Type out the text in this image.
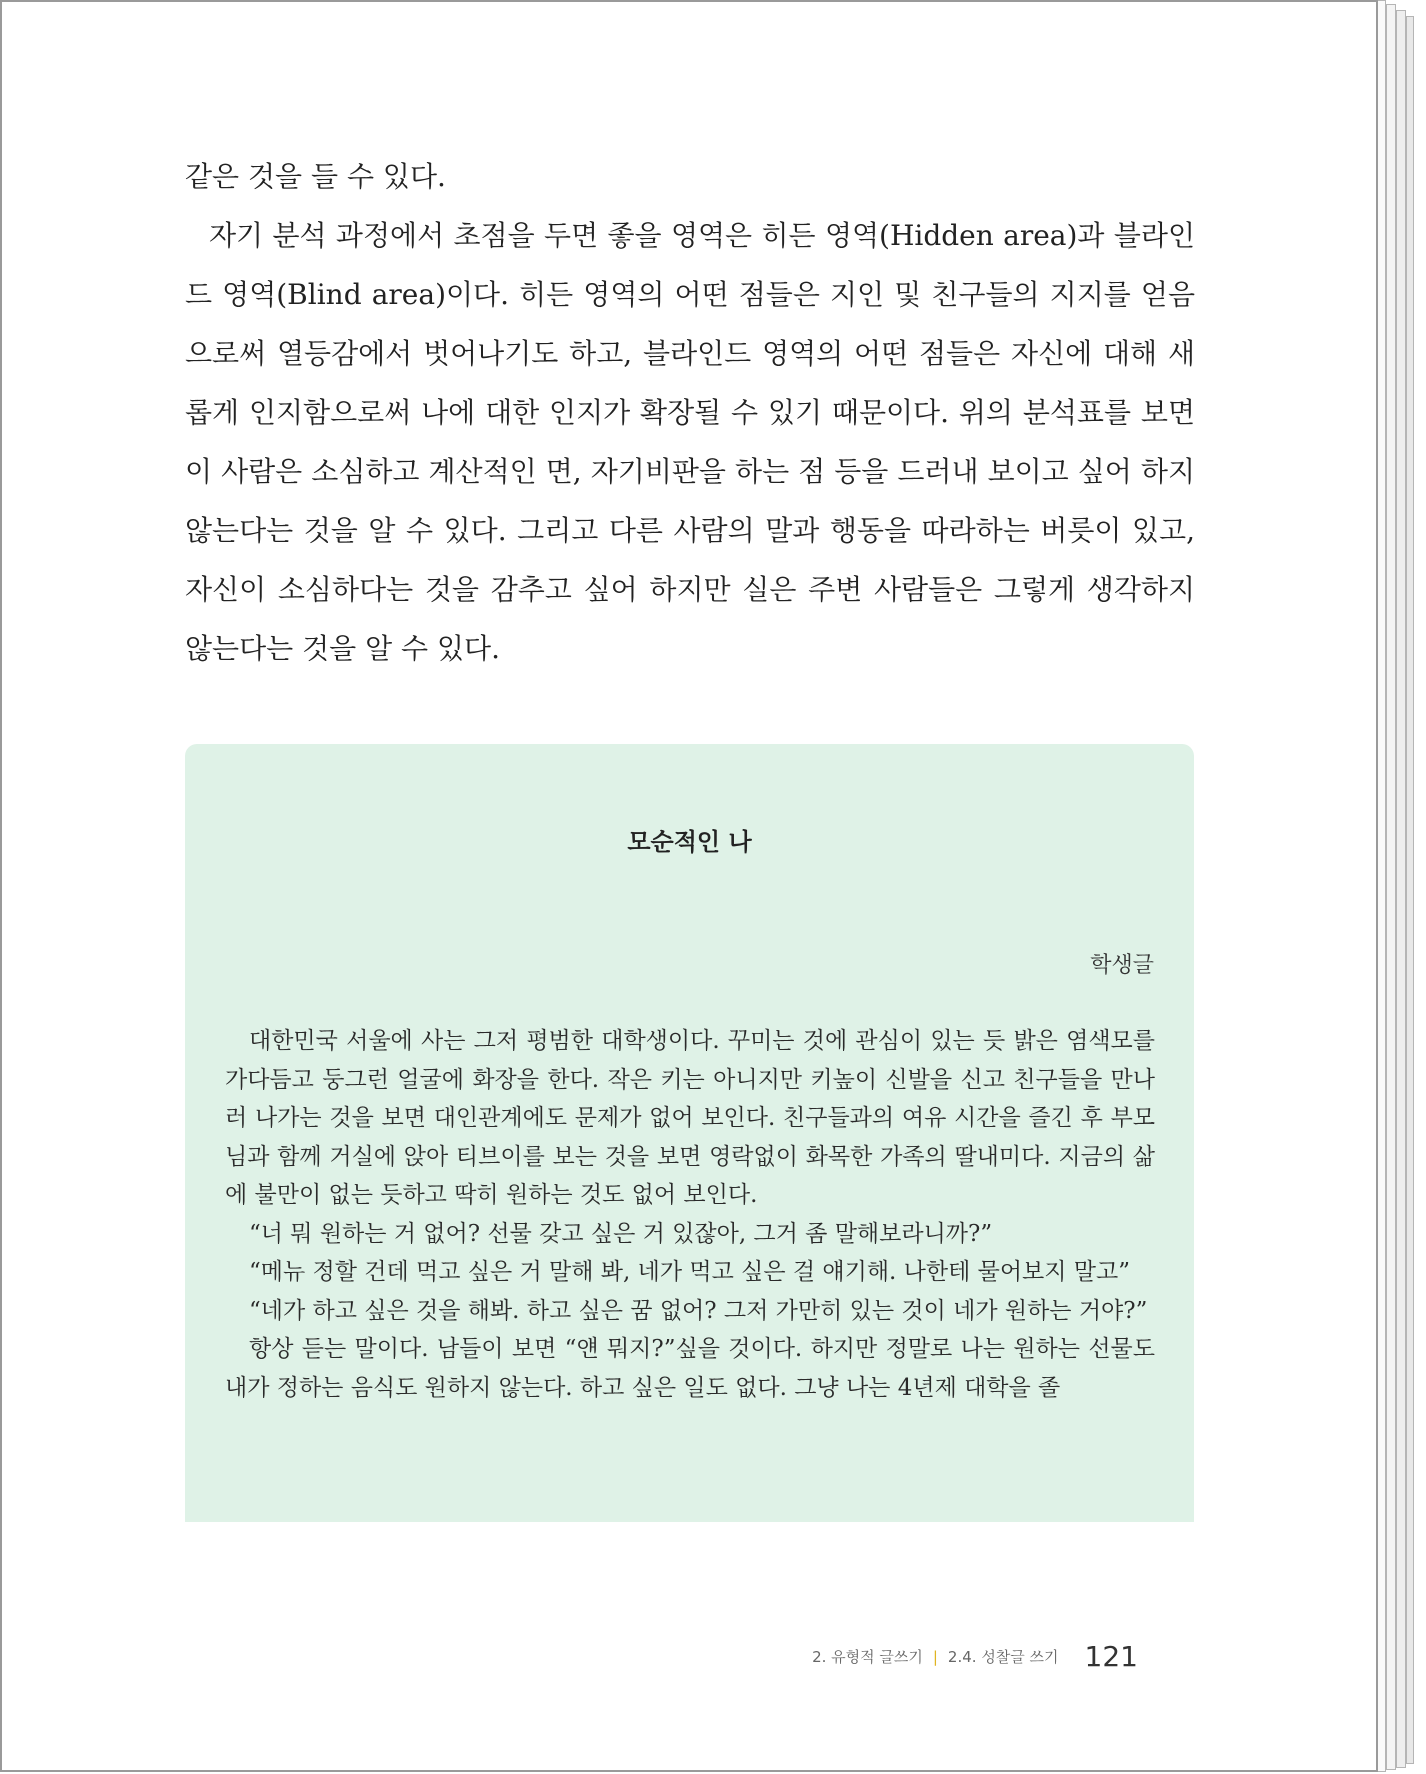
같은 것을 들 수 있다.

자기 분석 과정에서 초점을 두면 좋을 영역은 히든 영역(Hidden area)과 블라인드 영역(Blind area)이다. 히든 영역의 어떤 점들은 지인 및 친구들의 지지를 얻음으로써 열등감에서 벗어나기도 하고, 블라인드 영역의 어떤 점들은 자신에 대해 새롭게 인지함으로써 나에 대한 인지가 확장될 수 있기 때문이다. 위의 분석표를 보면 이 사람은 소심하고 계산적인 면, 자기비판을 하는 점 등을 드러내 보이고 싶어 하지 않는다는 것을 알 수 있다. 그리고 다른 사람의 말과 행동을 따라하는 버릇이 있고, 자신이 소심하다는 것을 감추고 싶어 하지만 실은 주변 사람들은 그렇게 생각하지 않는다는 것을 알 수 있다.

모순적인 나

학생글

대한민국 서울에 사는 그저 평범한 대학생이다. 꾸미는 것에 관심이 있는 듯 밝은 염색모를 가다듬고 둥그런 얼굴에 화장을 한다. 작은 키는 아니지만 키높이 신발을 신고 친구들을 만나러 나가는 것을 보면 대인관계에도 문제가 없어 보인다. 친구들과의 여유 시간을 즐긴 후 부모님과 함께 거실에 앉아 티브이를 보는 것을 보면 영락없이 화목한 가족의 딸내미다. 지금의 삶에 불만이 없는 듯하고 딱히 원하는 것도 없어 보인다.

“너 뭐 원하는 거 없어? 선물 갖고 싶은 거 있잖아, 그거 좀 말해보라니까?”

“메뉴 정할 건데 먹고 싶은 거 말해 봐, 네가 먹고 싶은 걸 얘기해. 나한테 물어보지 말고”

“네가 하고 싶은 것을 해봐. 하고 싶은 꿈 없어? 그저 가만히 있는 것이 네가 원하는 거야?”

항상 듣는 말이다. 남들이 보면 “얜 뭐지?”싶을 것이다. 하지만 정말로 나는 원하는 선물도 내가 정하는 음식도 원하지 않는다. 하고 싶은 일도 없다. 그냥 나는 4년제 대학을 졸

2. 유형적 글쓰기 | 2.4. 성찰글 쓰기 121
